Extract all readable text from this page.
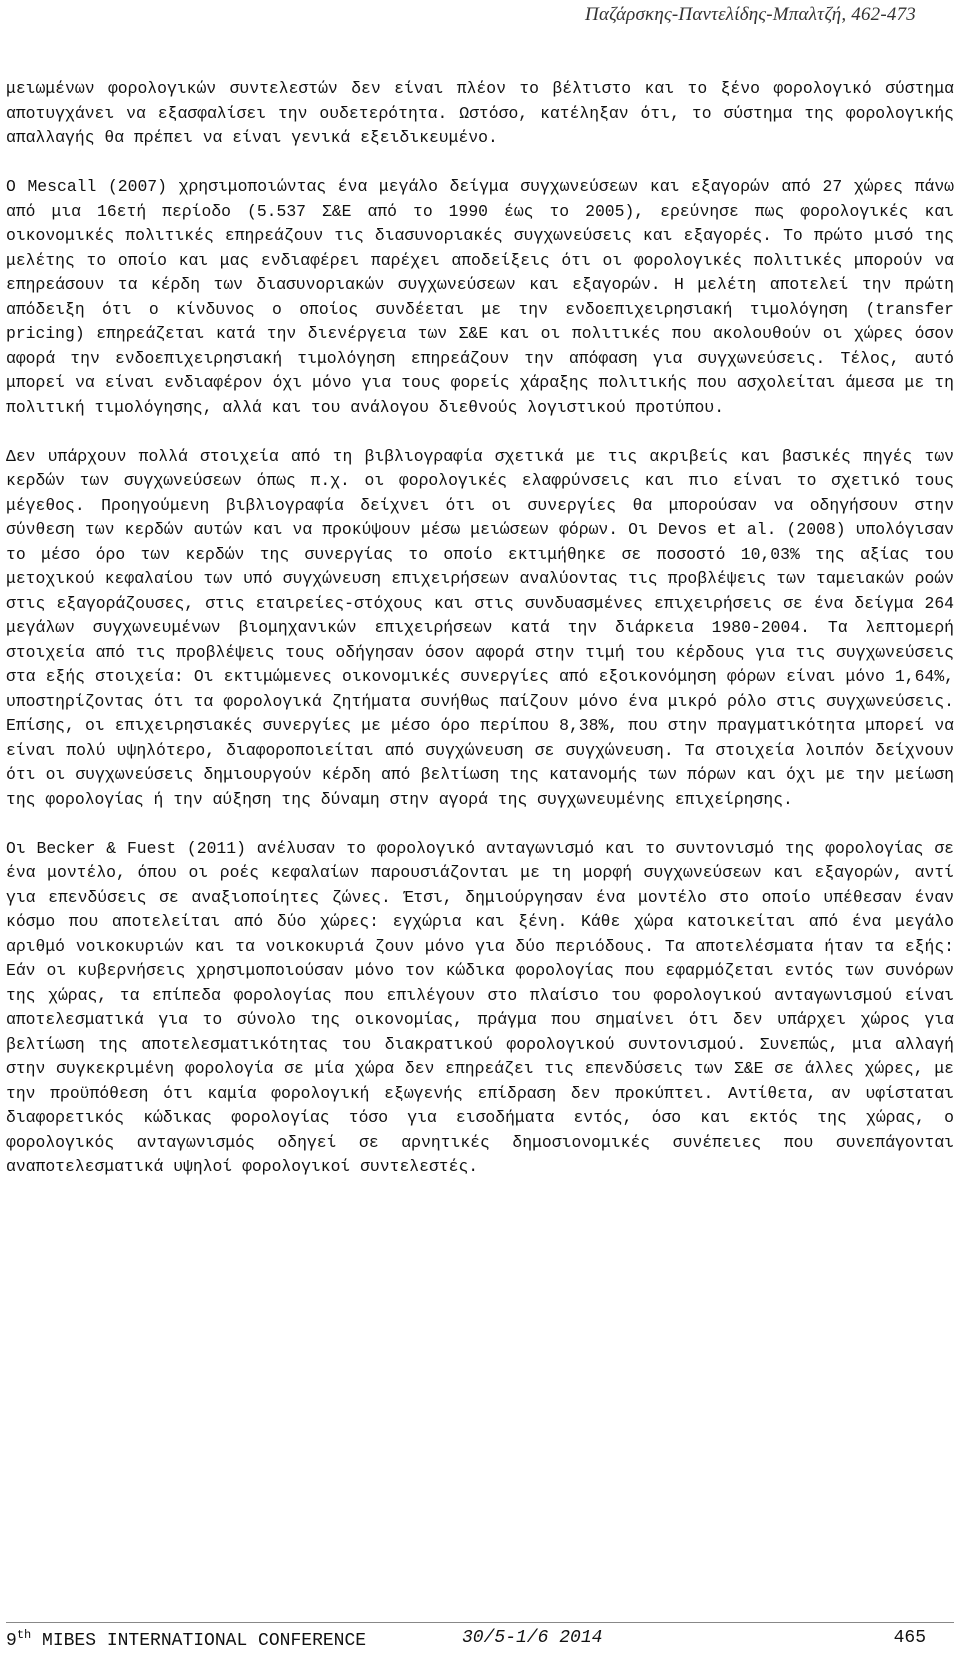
Παζάρσκης-Παντελίδης-Μπαλτζή, 462-473

μειωμένων φορολογικών συντελεστών δεν είναι πλέον το βέλτιστο και το ξένο φορολογικό σύστημα αποτυγχάνει να εξασφαλίσει την ουδετερότητα. Ωστόσο, κατέληξαν ότι, το σύστημα της φορολογικής απαλλαγής θα πρέπει να είναι γενικά εξειδικευμένο.

Ο Mescall (2007) χρησιμοποιώντας ένα μεγάλο δείγμα συγχωνεύσεων και εξαγορών από 27 χώρες πάνω από μια 16ετή περίοδο (5.537 Σ&Ε από το 1990 έως το 2005), ερεύνησε πως φορολογικές και οικονομικές πολιτικές επηρεάζουν τις διασυνοριακές συγχωνεύσεις και εξαγορές. Το πρώτο μισό της μελέτης το οποίο και μας ενδιαφέρει παρέχει αποδείξεις ότι οι φορολογικές πολιτικές μπορούν να επηρεάσουν τα κέρδη των διασυνοριακών συγχωνεύσεων και εξαγορών. Η μελέτη αποτελεί την πρώτη απόδειξη ότι ο κίνδυνος ο οποίος συνδέεται με την ενδοεπιχειρησιακή τιμολόγηση (transfer pricing) επηρεάζεται κατά την διενέργεια των Σ&Ε και οι πολιτικές που ακολουθούν οι χώρες όσον αφορά την ενδοεπιχειρησιακή τιμολόγηση επηρεάζουν την απόφαση για συγχωνεύσεις. Τέλος, αυτό μπορεί να είναι ενδιαφέρον όχι μόνο για τους φορείς χάραξης πολιτικής που ασχολείται άμεσα με τη πολιτική τιμολόγησης, αλλά και του ανάλογου διεθνούς λογιστικού προτύπου.

Δεν υπάρχουν πολλά στοιχεία από τη βιβλιογραφία σχετικά με τις ακριβείς και βασικές πηγές των κερδών των συγχωνεύσεων όπως π.χ. οι φορολογικές ελαφρύνσεις και πιο είναι το σχετικό τους μέγεθος. Προηγούμενη βιβλιογραφία δείχνει ότι οι συνεργίες θα μπορούσαν να οδηγήσουν στην σύνθεση των κερδών αυτών και να προκύψουν μέσω μειώσεων φόρων. Οι Devos et al. (2008) υπολόγισαν το μέσο όρο των κερδών της συνεργίας το οποίο εκτιμήθηκε σε ποσοστό 10,03% της αξίας του μετοχικού κεφαλαίου των υπό συγχώνευση επιχειρήσεων αναλύοντας τις προβλέψεις των ταμειακών ροών στις εξαγοράζουσες, στις εταιρείες-στόχους και στις συνδυασμένες επιχειρήσεις σε ένα δείγμα 264 μεγάλων συγχωνευμένων βιομηχανικών επιχειρήσεων κατά την διάρκεια 1980-2004. Τα λεπτομερή στοιχεία από τις προβλέψεις τους οδήγησαν όσον αφορά στην τιμή του κέρδους για τις συγχωνεύσεις στα εξής στοιχεία: Οι εκτιμώμενες οικονομικές συνεργίες από εξοικονόμηση φόρων είναι μόνο 1,64%, υποστηρίζοντας ότι τα φορολογικά ζητήματα συνήθως παίζουν μόνο ένα μικρό ρόλο στις συγχωνεύσεις. Επίσης, οι επιχειρησιακές συνεργίες με μέσο όρο περίπου 8,38%, που στην πραγματικότητα μπορεί να είναι πολύ υψηλότερο, διαφοροποιείται από συγχώνευση σε συγχώνευση. Τα στοιχεία λοιπόν δείχνουν ότι οι συγχωνεύσεις δημιουργούν κέρδη από βελτίωση της κατανομής των πόρων και όχι με την μείωση της φορολογίας ή την αύξηση της δύναμη στην αγορά της συγχωνευμένης επιχείρησης.

Οι Becker & Fuest (2011) ανέλυσαν το φορολογικό ανταγωνισμό και το συντονισμό της φορολογίας σε ένα μοντέλο, όπου οι ροές κεφαλαίων παρουσιάζονται με τη μορφή συγχωνεύσεων και εξαγορών, αντί για επενδύσεις σε αναξιοποίητες ζώνες. Έτσι, δημιούργησαν ένα μοντέλο στο οποίο υπέθεσαν έναν κόσμο που αποτελείται από δύο χώρες: εγχώρια και ξένη. Κάθε χώρα κατοικείται από ένα μεγάλο αριθμό νοικοκυριών και τα νοικοκυριά ζουν μόνο για δύο περιόδους. Τα αποτελέσματα ήταν τα εξής: Εάν οι κυβερνήσεις χρησιμοποιούσαν μόνο τον κώδικα φορολογίας που εφαρμόζεται εντός των συνόρων της χώρας, τα επίπεδα φορολογίας που επιλέγουν στο πλαίσιο του φορολογικού ανταγωνισμού είναι αποτελεσματικά για το σύνολο της οικονομίας, πράγμα που σημαίνει ότι δεν υπάρχει χώρος για βελτίωση της αποτελεσματικότητας του διακρατικού φορολογικού συντονισμού. Συνεπώς, μια αλλαγή στην συγκεκριμένη φορολογία σε μία χώρα δεν επηρεάζει τις επενδύσεις των Σ&Ε σε άλλες χώρες, με την προϋπόθεση ότι καμία φορολογική εξωγενής επίδραση δεν προκύπτει. Αντίθετα, αν υφίσταται διαφορετικός κώδικας φορολογίας τόσο για εισοδήματα εντός, όσο και εκτός της χώρας, ο φορολογικός ανταγωνισμός οδηγεί σε αρνητικές δημοσιονομικές συνέπειες που συνεπάγονται αναποτελεσματικά υψηλοί φορολογικοί συντελεστές.

9th MIBES INTERNATIONAL CONFERENCE	30/5-1/6 2014	465
